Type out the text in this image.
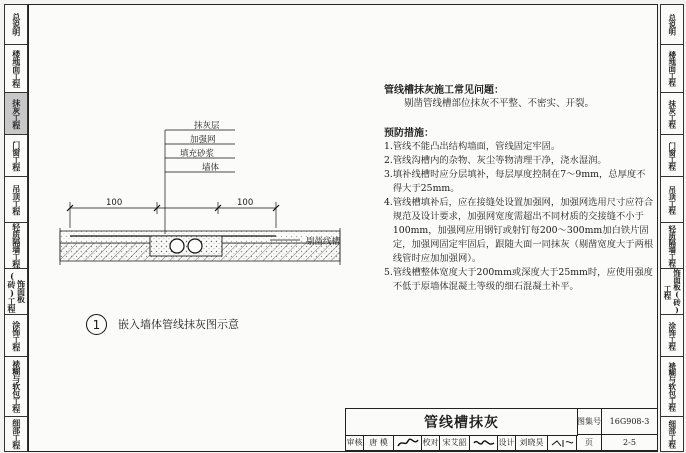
总说明
楼地面工程
抹灰工程
门窗工程
吊顶工程
轻质隔墙工程
饰面板(砖)工程
涂饰工程
裱糊与软包工程
细部工程
总说明
楼地面工程
抹灰工程
门窗工程
吊顶工程
轻质隔墙工程
饰面板(砖)工程
涂饰工程
裱糊与软包工程
细部工程
管线槽抹灰施工常见问题：
剔凿管线槽部位抹灰不平整、不密实、开裂。
预防措施：
1. 管线不能凸出结构墙面，管线固定牢固。
2. 管线沟槽内的杂物、灰尘等物清理干净，浇水湿润。
3. 填补线槽时应分层填补，每层厚度控制在7～9mm，总厚度不得大于25mm。
4. 管线槽填补后，应在接缝处设置加强网，加强网选用尺寸应符合规范及设计要求，加强网宽度需超出不同材质的交接缝不小于100mm，加强网应用钢钉或射钉每200～300mm加白铁片固定，加强网固定牢固后，跟随大面一同抹灰（剔凿宽度大于两根线管时应加加强网）。
5. 管线槽整体宽度大于200mm或深度大于25mm时，应使用强度不低于原墙体混凝土等级的细石混凝土补平。
抹灰层
加强网
填充砂浆
墙体
100	100
剔凿线槽
1	嵌入墙体管线抹灰图示意
管线槽抹灰	图集号	16G908-3
审核 唐 模	校对 宋艾韶	设计 刘晓昊	页	2-5
